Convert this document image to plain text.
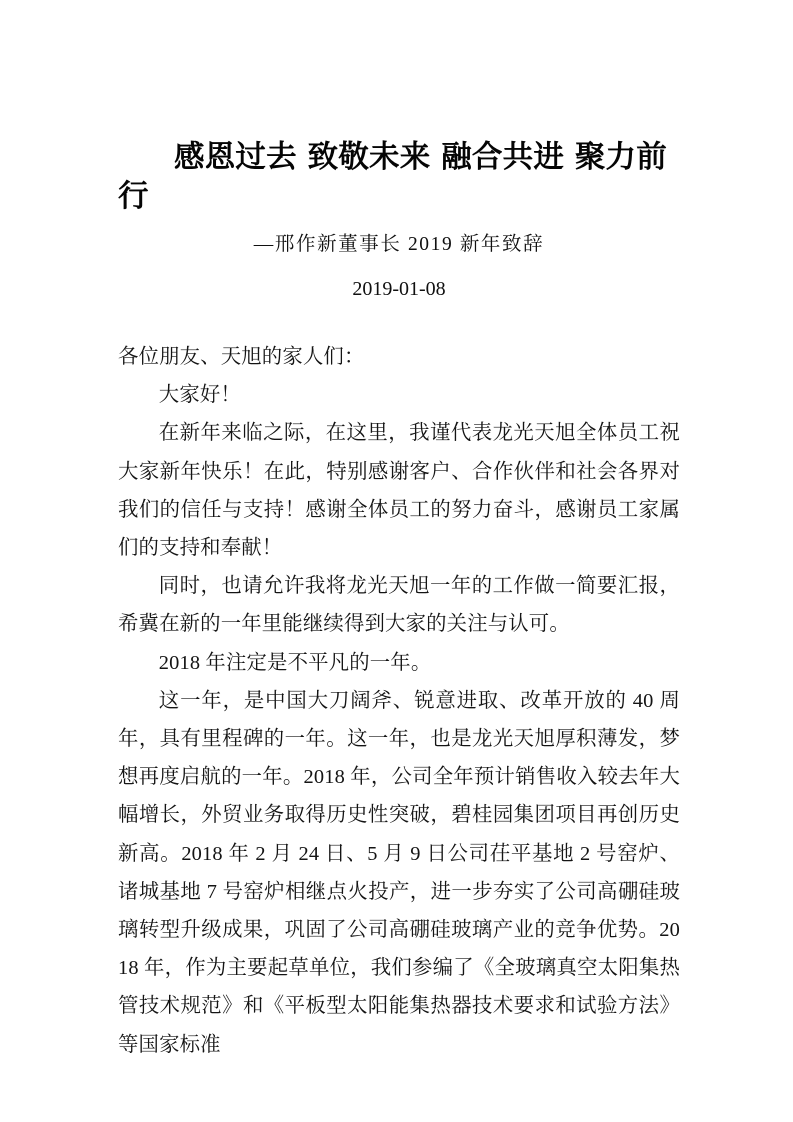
感恩过去 致敬未来 融合共进 聚力前行

—邢作新董事长 2019 新年致辞

2019-01-08

各位朋友、天旭的家人们：

大家好！

在新年来临之际，在这里，我谨代表龙光天旭全体员工祝大家新年快乐！在此，特别感谢客户、合作伙伴和社会各界对我们的信任与支持！感谢全体员工的努力奋斗，感谢员工家属们的支持和奉献！

同时，也请允许我将龙光天旭一年的工作做一简要汇报，希冀在新的一年里能继续得到大家的关注与认可。

2018 年注定是不平凡的一年。

这一年，是中国大刀阔斧、锐意进取、改革开放的 40 周年，具有里程碑的一年。这一年，也是龙光天旭厚积薄发，梦想再度启航的一年。2018 年，公司全年预计销售收入较去年大幅增长，外贸业务取得历史性突破，碧桂园集团项目再创历史新高。2018 年 2 月 24 日、5 月 9 日公司茌平基地 2 号窑炉、诸城基地 7 号窑炉相继点火投产，进一步夯实了公司高硼硅玻璃转型升级成果，巩固了公司高硼硅玻璃产业的竞争优势。2018 年，作为主要起草单位，我们参编了《全玻璃真空太阳集热管技术规范》和《平板型太阳能集热器技术要求和试验方法》等国家标准
